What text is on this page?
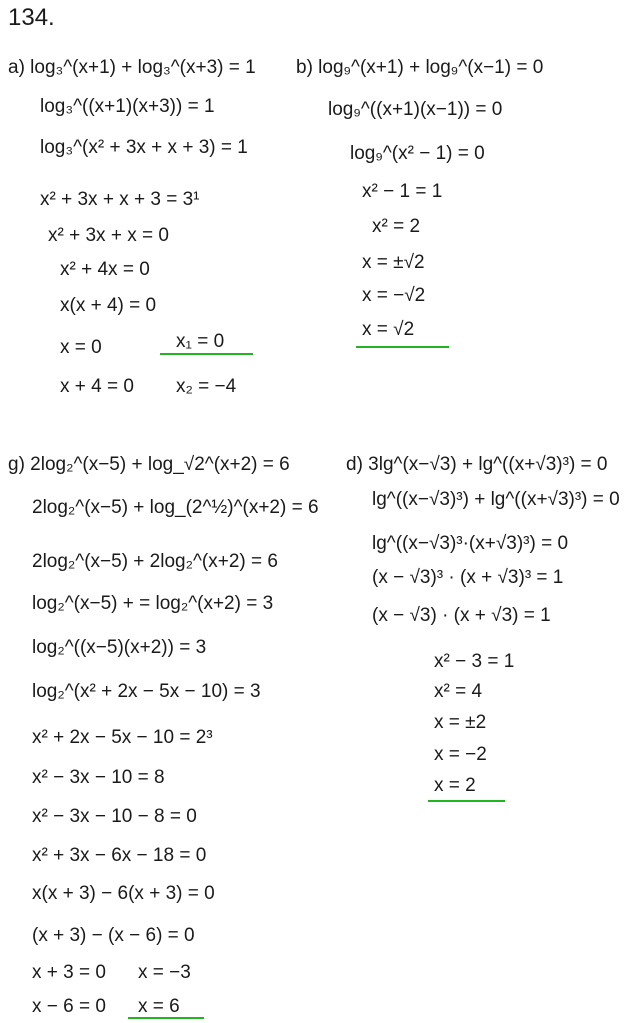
134.
a) log₃^(x+1) + log₃^(x+3) = 1
log₃^((x+1)(x+3)) = 1
log₃^(x² + 3x + x + 3) = 1
x² + 3x + x + 3 = 3¹
x² + 3x + x = 0
x² + 4x = 0
x(x + 4) = 0
x = 0
x + 4 = 0
x₁ = 0
x₂ = −4
b) log₉^(x+1) + log₉^(x−1) = 0
log₉^((x+1)(x−1)) = 0
log₉^(x² − 1) = 0
x² − 1 = 1
x² = 2
x = ±√2
x = −√2
x = √2
g) 2log₂^(x−5) + log_√2^(x+2) = 6
2log₂^(x−5) + log_(2^½)^(x+2) = 6
2log₂^(x−5) + 2log₂^(x+2) = 6
log₂^(x−5) + = log₂^(x+2) = 3
log₂^((x−5)(x+2)) = 3
log₂^(x² + 2x − 5x − 10) = 3
x² + 2x − 5x − 10 = 2³
x² − 3x − 10 = 8
x² − 3x − 10 − 8 = 0
x² + 3x − 6x − 18 = 0
x(x + 3) − 6(x + 3) = 0
(x + 3) − (x − 6) = 0
x + 3 = 0
x − 6 = 0
x = −3
x = 6
d) 3lg^(x−√3) + lg^((x+√3)³) = 0
lg^((x−√3)³) + lg^((x+√3)³) = 0
lg^((x−√3)³·(x+√3)³) = 0
(x − √3)³ · (x + √3)³ = 1
(x − √3) · (x + √3) = 1
x² − 3 = 1
x² = 4
x = ±2
x = −2
x = 2
